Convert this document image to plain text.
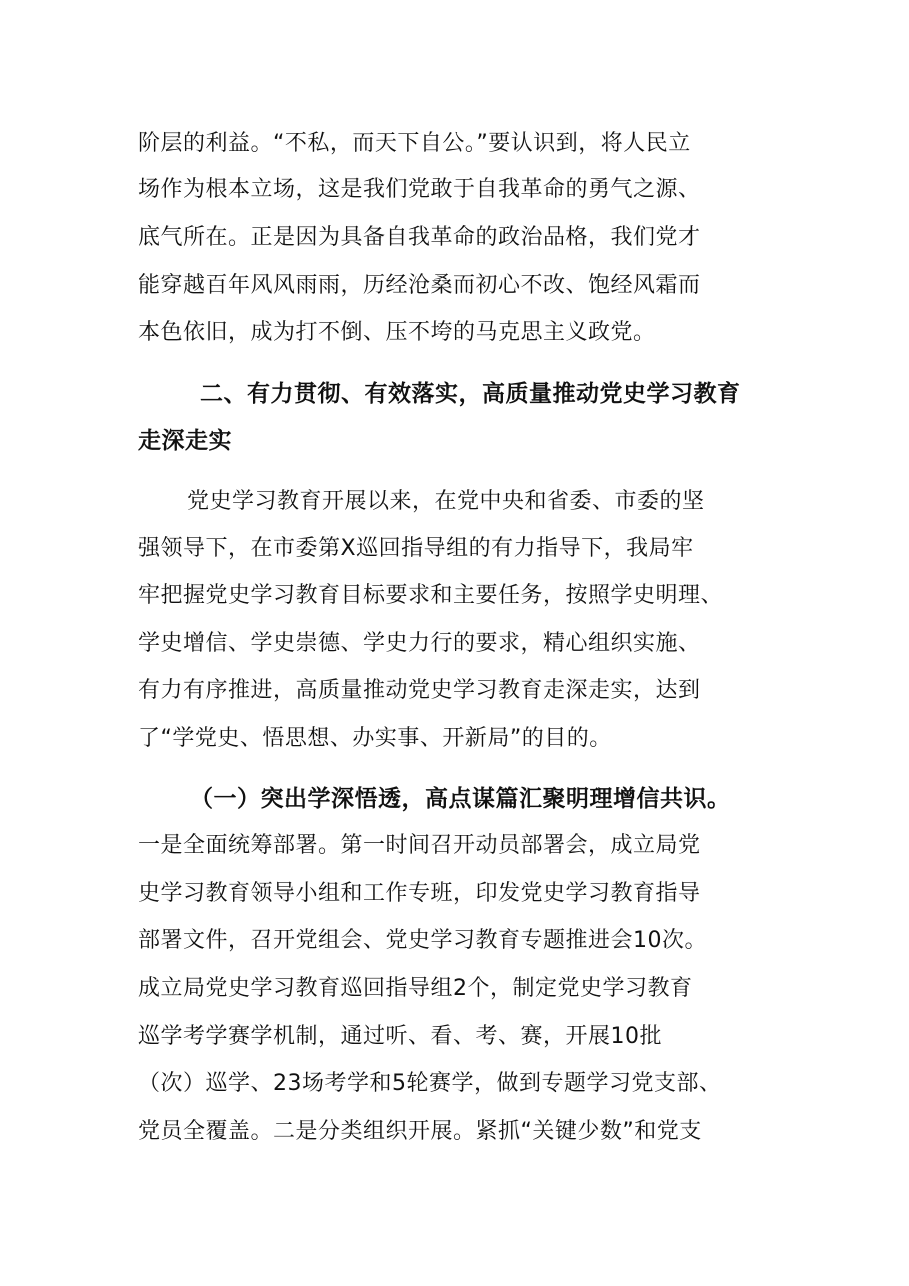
阶层的利益。“不私，而天下自公。”要认识到，将人民立
场作为根本立场，这是我们党敢于自我革命的勇气之源、
底气所在。正是因为具备自我革命的政治品格，我们党才
能穿越百年风风雨雨，历经沧桑而初心不改、饱经风霜而
本色依旧，成为打不倒、压不垮的马克思主义政党。
二、有力贯彻、有效落实，高质量推动党史学习教育
走深走实
党史学习教育开展以来，在党中央和省委、市委的坚
强领导下，在市委第X巡回指导组的有力指导下，我局牢
牢把握党史学习教育目标要求和主要任务，按照学史明理、
学史增信、学史崇德、学史力行的要求，精心组织实施、
有力有序推进，高质量推动党史学习教育走深走实，达到
了“学党史、悟思想、办实事、开新局”的目的。
（一）突出学深悟透，高点谋篇汇聚明理增信共识。
一是全面统筹部署。第一时间召开动员部署会，成立局党
史学习教育领导小组和工作专班，印发党史学习教育指导
部署文件，召开党组会、党史学习教育专题推进会10次。
成立局党史学习教育巡回指导组2个，制定党史学习教育
巡学考学赛学机制，通过听、看、考、赛，开展10批
（次）巡学、23场考学和5轮赛学，做到专题学习党支部、
党员全覆盖。二是分类组织开展。紧抓“关键少数”和党支
